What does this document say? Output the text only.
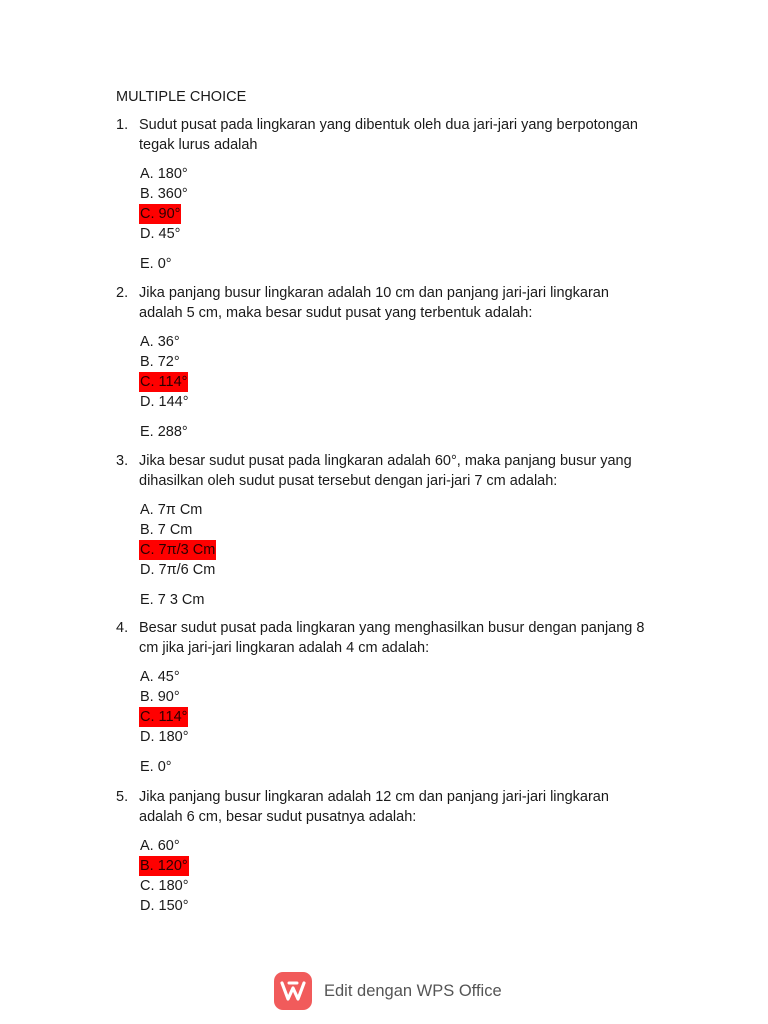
MULTIPLE CHOICE
1. Sudut pusat pada lingkaran yang dibentuk oleh dua jari-jari yang berpotongan
tegak lurus adalah
A. 180°
B. 360°
C. 90°
D. 45°
E. 0°
2. Jika panjang busur lingkaran adalah 10 cm dan panjang jari-jari lingkaran
adalah 5 cm, maka besar sudut pusat yang terbentuk adalah:
A. 36°
B. 72°
C. 114°
D. 144°
E. 288°
3. Jika besar sudut pusat pada lingkaran adalah 60°, maka panjang busur yang
dihasilkan oleh sudut pusat tersebut dengan jari-jari 7 cm adalah:
A. 7π Cm
B. 7 Cm
C. 7π/3 Cm
D. 7π/6 Cm
E. 7 3 Cm
4. Besar sudut pusat pada lingkaran yang menghasilkan busur dengan panjang 8
cm jika jari-jari lingkaran adalah 4 cm adalah:
A. 45°
B. 90°
C. 114°
D. 180°
E. 0°
5. Jika panjang busur lingkaran adalah 12 cm dan panjang jari-jari lingkaran
adalah 6 cm, besar sudut pusatnya adalah:
A. 60°
B. 120°
C. 180°
D. 150°
Edit dengan WPS Office
